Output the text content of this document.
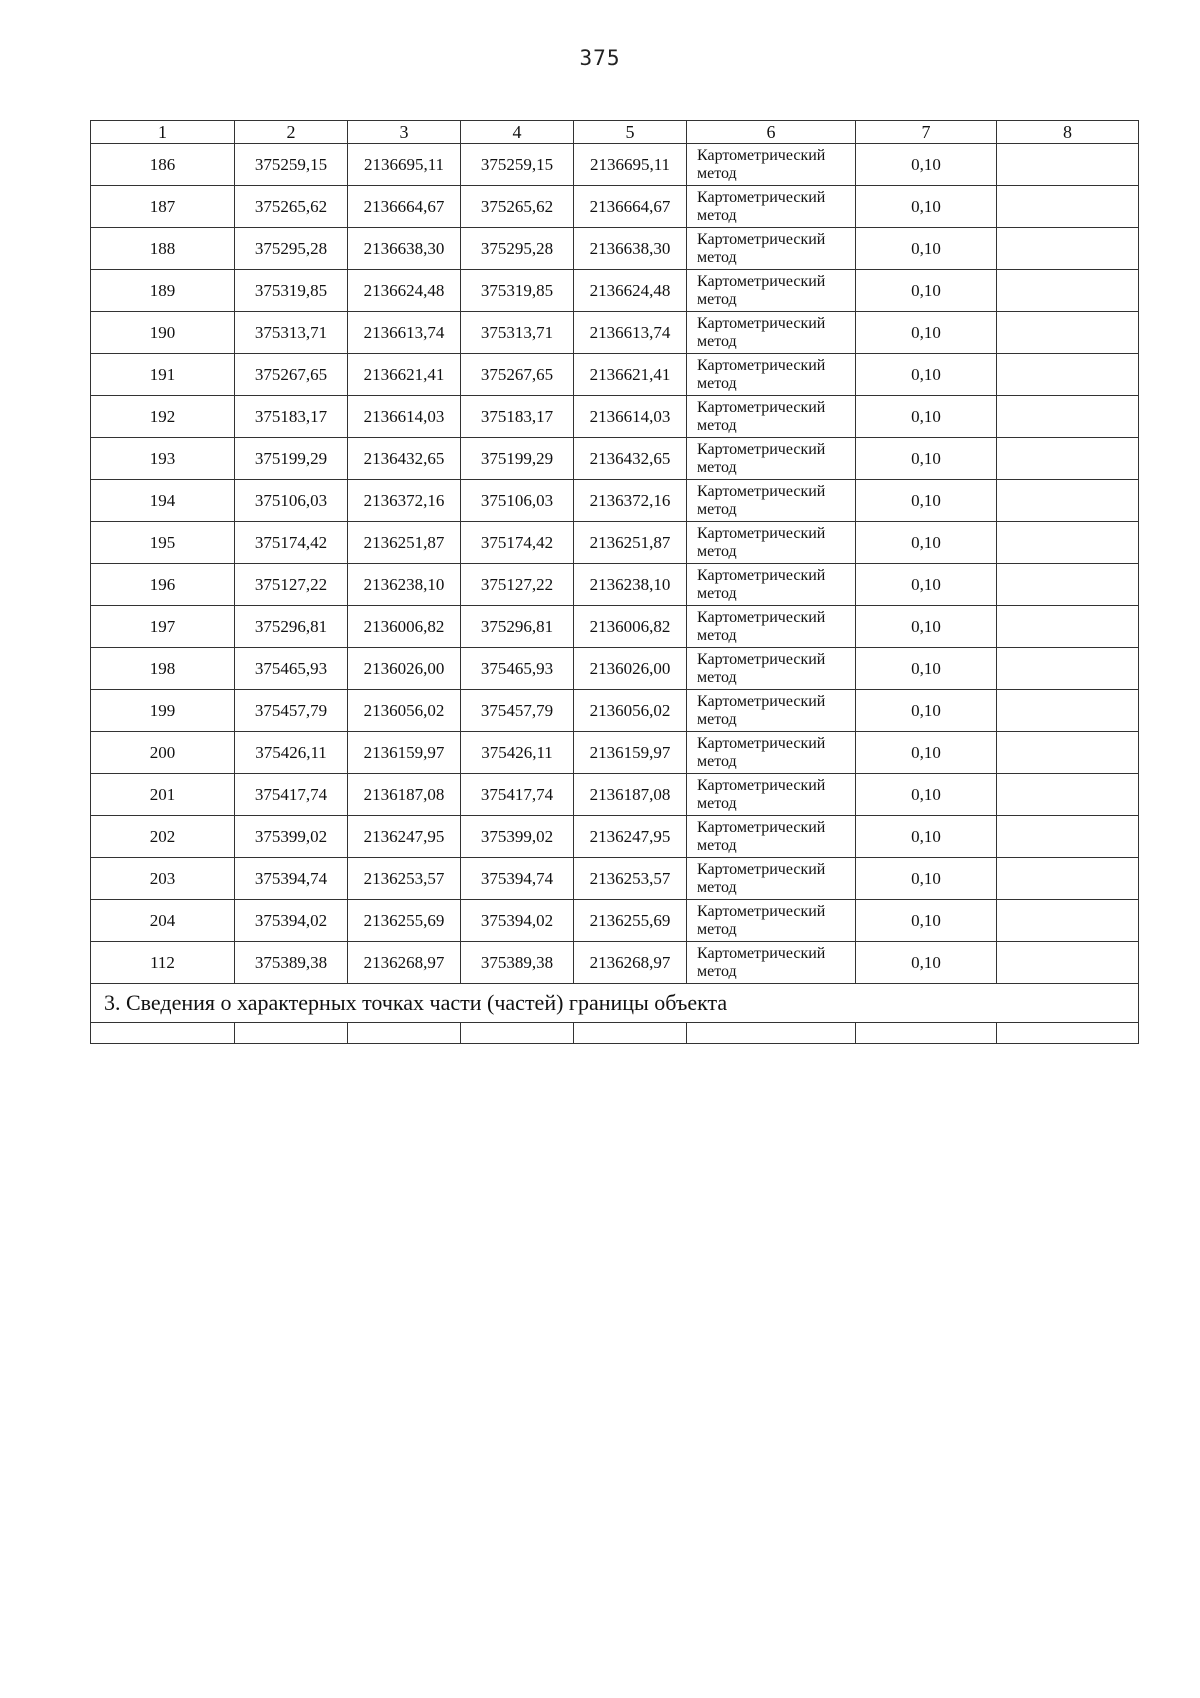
375
1	2	3	4	5	6	7	8
186	375259,15	2136695,11	375259,15	2136695,11	Картометрический метод	0,10	
187	375265,62	2136664,67	375265,62	2136664,67	Картометрический метод	0,10	
188	375295,28	2136638,30	375295,28	2136638,30	Картометрический метод	0,10	
189	375319,85	2136624,48	375319,85	2136624,48	Картометрический метод	0,10	
190	375313,71	2136613,74	375313,71	2136613,74	Картометрический метод	0,10	
191	375267,65	2136621,41	375267,65	2136621,41	Картометрический метод	0,10	
192	375183,17	2136614,03	375183,17	2136614,03	Картометрический метод	0,10	
193	375199,29	2136432,65	375199,29	2136432,65	Картометрический метод	0,10	
194	375106,03	2136372,16	375106,03	2136372,16	Картометрический метод	0,10	
195	375174,42	2136251,87	375174,42	2136251,87	Картометрический метод	0,10	
196	375127,22	2136238,10	375127,22	2136238,10	Картометрический метод	0,10	
197	375296,81	2136006,82	375296,81	2136006,82	Картометрический метод	0,10	
198	375465,93	2136026,00	375465,93	2136026,00	Картометрический метод	0,10	
199	375457,79	2136056,02	375457,79	2136056,02	Картометрический метод	0,10	
200	375426,11	2136159,97	375426,11	2136159,97	Картометрический метод	0,10	
201	375417,74	2136187,08	375417,74	2136187,08	Картометрический метод	0,10	
202	375399,02	2136247,95	375399,02	2136247,95	Картометрический метод	0,10	
203	375394,74	2136253,57	375394,74	2136253,57	Картометрический метод	0,10	
204	375394,02	2136255,69	375394,02	2136255,69	Картометрический метод	0,10	
112	375389,38	2136268,97	375389,38	2136268,97	Картометрический метод	0,10	
3. Сведения о характерных точках части (частей) границы объекта							
